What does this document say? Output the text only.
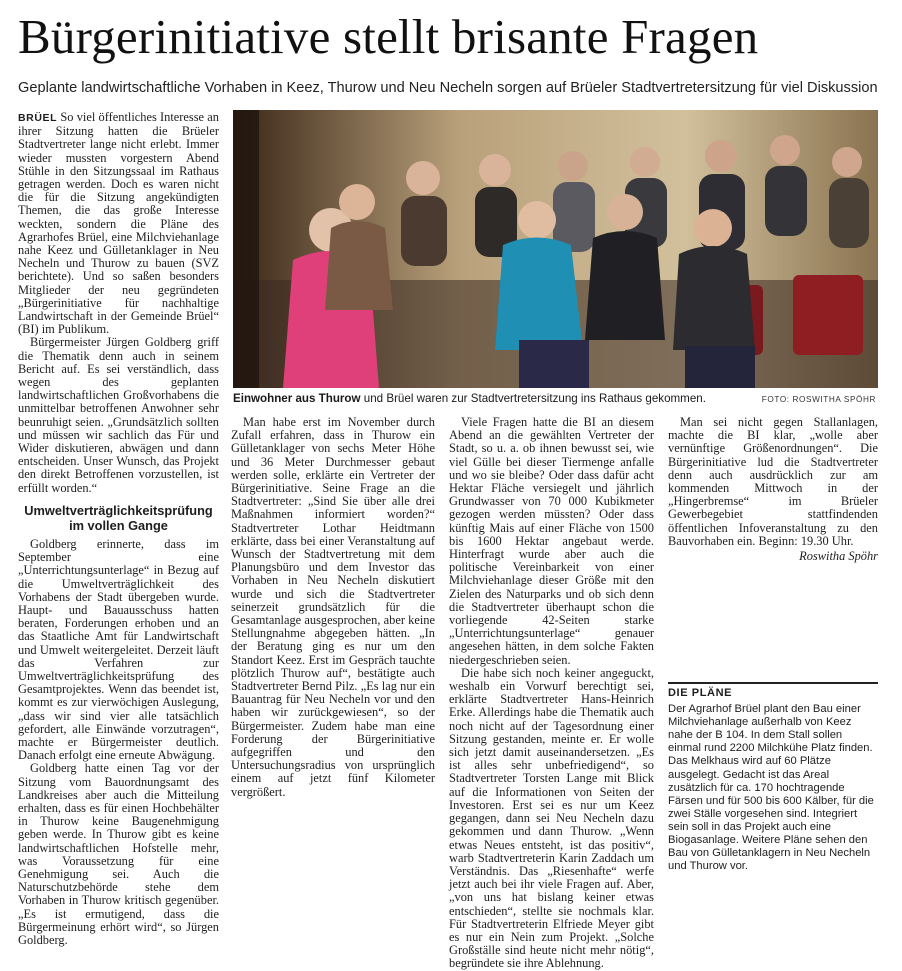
Bürgerinitiative stellt brisante Fragen
Geplante landwirtschaftliche Vorhaben in Keez, Thurow und Neu Necheln sorgen auf Brüeler Stadtvertretersitzung für viel Diskussion

BRÜEL So viel öffentliches Interesse an ihrer Sitzung hatten die Brüeler Stadtvertreter lange nicht erlebt. Immer wieder mussten vorgestern Abend Stühle in den Sitzungssaal im Rathaus getragen werden. Doch es waren nicht die für die Sitzung angekündigten Themen, die das große Interesse weckten, sondern die Pläne des Agrarhofes Brüel, eine Milchviehanlage nahe Keez und Gülletanklager in Neu Necheln und Thurow zu bauen (SVZ berichtete). Und so saßen besonders Mitglieder der neu gegründeten „Bürgerinitiative für nachhaltige Landwirtschaft in der Gemeinde Brüel“ (BI) im Publikum.

Bürgermeister Jürgen Goldberg griff die Thematik denn auch in seinem Bericht auf. Es sei verständlich, dass wegen des geplanten landwirtschaftlichen Großvorhabens die unmittelbar betroffenen Anwohner sehr beunruhigt seien. „Grundsätzlich sollten und müssen wir sachlich das Für und Wider diskutieren, abwägen und dann entscheiden. Unser Wunsch, das Projekt den direkt Betroffenen vorzustellen, ist erfüllt worden.“

Umweltverträglichkeitsprüfung im vollen Gange

Goldberg erinnerte, dass im September eine „Unterrichtungsunterlage“ in Bezug auf die Umweltverträglichkeit des Vorhabens der Stadt übergeben wurde. Haupt- und Bauausschuss hatten beraten, Forderungen erhoben und an das Staatliche Amt für Landwirtschaft und Umwelt weitergeleitet. Derzeit läuft das Verfahren zur Umweltverträglichkeitsprüfung des Gesamtprojektes. Wenn das beendet ist, kommt es zur vierwöchigen Auslegung, „dass wir sind vier alle tatsächlich gefordert, alle Einwände vorzutragen“, machte er Bürgermeister deutlich. Danach erfolgt eine erneute Abwägung.

Goldberg hatte einen Tag vor der Sitzung vom Bauordnungsamt des Landkreises aber auch die Mitteilung erhalten, dass es für einen Hochbehälter in Thurow keine Baugenehmigung geben werde. In Thurow gibt es keine landwirtschaftlichen Hofstelle mehr, was Voraussetzung für eine Genehmigung sei. Auch die Naturschutzbehörde stehe dem Vorhaben in Thurow kritisch gegenüber. „Es ist ermutigend, dass die Bürgermeinung erhört wird“, so Jürgen Goldberg.

Einwohner aus Thurow und Brüel waren zur Stadtvertretersitzung ins Rathaus gekommen.	FOTO: ROSWITHA SPÖHR

Man habe erst im November durch Zufall erfahren, dass in Thurow ein Gülletanklager von sechs Meter Höhe und 36 Meter Durchmesser gebaut werden solle, erklärte ein Vertreter der Bürgerinitiative. Seine Frage an die Stadtvertreter: „Sind Sie über alle drei Maßnahmen informiert worden?“ Stadtvertreter Lothar Heidtmann erklärte, dass bei einer Veranstaltung auf Wunsch der Stadtvertretung mit dem Planungsbüro und dem Investor das Vorhaben in Neu Necheln diskutiert wurde und sich die Stadtvertreter seinerzeit grundsätzlich für die Gesamtanlage ausgesprochen, aber keine Stellungnahme abgegeben hätten. „In der Beratung ging es nur um den Standort Keez. Erst im Gespräch tauchte plötzlich Thurow auf“, bestätigte auch Stadtvertreter Bernd Pilz. „Es lag nur ein Bauantrag für Neu Necheln vor und den haben wir zurückgewiesen“, so der Bürgermeister. Zudem habe man eine Forderung der Bürgerinitiative aufgegriffen und den Untersuchungsradius von ursprünglich einem auf jetzt fünf Kilometer vergrößert.

Viele Fragen hatte die BI an diesem Abend an die gewählten Vertreter der Stadt, so u. a. ob ihnen bewusst sei, wie viel Gülle bei dieser Tiermenge anfalle und wo sie bleibe? Oder dass dafür acht Hektar Fläche versiegelt und jährlich Grundwasser von 70 000 Kubikmeter gezogen werden müssten? Oder dass künftig Mais auf einer Fläche von 1500 bis 1600 Hektar angebaut werde. Hinterfragt wurde aber auch die politische Vereinbarkeit von einer Milchviehanlage dieser Größe mit den Zielen des Naturparks und ob sich denn die Stadtvertreter überhaupt schon die vorliegende 42-Seiten starke „Unterrichtungsunterlage“ genauer angesehen hätten, in dem solche Fakten niedergeschrieben seien.

Die habe sich noch keiner angeguckt, weshalb ein Vorwurf berechtigt sei, erklärte Stadtvertreter Hans-Heinrich Erke. Allerdings habe die Thematik auch noch nicht auf der Tagesordnung einer Sitzung gestanden, meinte er. Er wolle sich jetzt damit auseinandersetzen. „Es ist alles sehr unbefriedigend“, so Stadtvertreter Torsten Lange mit Blick auf die Informationen von Seiten der Investoren. Erst sei es nur um Keez gegangen, dann sei Neu Necheln dazu gekommen und dann Thurow. „Wenn etwas Neues entsteht, ist das positiv“, warb Stadtvertreterin Karin Zaddach um Verständnis. Das „Riesenhafte“ werfe jetzt auch bei ihr viele Fragen auf. Aber, „von uns hat bislang keiner etwas entschieden“, stellte sie nochmals klar. Für Stadtvertreterin Elfriede Meyer gibt es nur ein Nein zum Projekt. „Solche Großställe sind heute nicht mehr nötig“, begründete sie ihre Ablehnung.

Man sei nicht gegen Stallanlagen, machte die BI klar, „wolle aber vernünftige Größenordnungen“. Die Bürgerinitiative lud die Stadtvertreter denn auch ausdrücklich zur am kommenden Mittwoch in der „Hingerbremse“ im Brüeler Gewerbegebiet stattfindenden öffentlichen Infoveranstaltung zu den Bauvorhaben ein. Beginn: 19.30 Uhr.

Roswitha Spöhr
DIE PLÄNE

Der Agrarhof Brüel plant den Bau einer Milchviehanlage außerhalb von Keez nahe der B 104. In dem Stall sollen einmal rund 2200 Milchkühe Platz finden. Das Melkhaus wird auf 60 Plätze ausgelegt. Gedacht ist das Areal zusätzlich für ca. 170 hochtragende Färsen und für 500 bis 600 Kälber, für die zwei Ställe vorgesehen sind. Integriert sein soll in das Projekt auch eine Biogasanlage. Weitere Pläne sehen den Bau von Gülletanklagern in Neu Necheln und Thurow vor.
